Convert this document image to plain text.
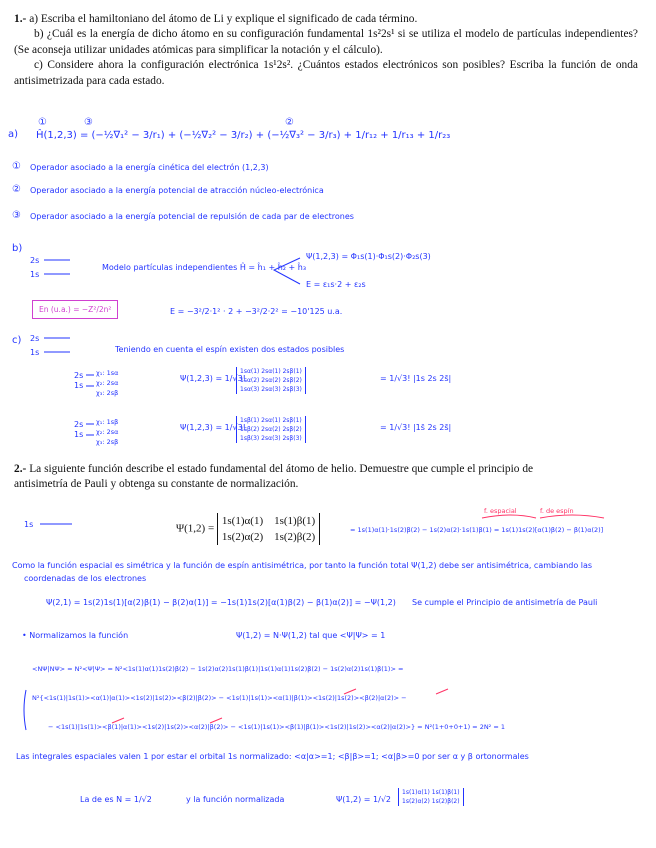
1.- a) Escriba el hamiltoniano del átomo de Li y explique el significado de cada término.

b) ¿Cuál es la energía de dicho átomo en su configuración fundamental 1s²2s¹ si se utiliza el modelo de partículas independientes? (Se aconseja utilizar unidades atómicas para simplificar la notación y el cálculo).

c) Considere ahora la configuración electrónica 1s¹2s². ¿Cuántos estados electrónicos son posibles? Escriba la función de onda antisimetrizada para cada estado.

a)
①	③	②
Ĥ(1,2,3) = (−½∇₁² − 3/r₁) + (−½∇₂² − 3/r₂) + (−½∇₃² − 3/r₃) + 1/r₁₂ + 1/r₁₃ + 1/r₂₃
① Operador asociado a la energía cinética del electrón (1,2,3)
② Operador asociado a la energía potencial de atracción núcleo-electrónica
③ Operador asociado a la energía potencial de repulsión de cada par de electrones
b)
2s
1s
Modelo partículas independientes Ĥ = ĥ₁ + ĥ₂ + ĥ₃
Ψ(1,2,3) = Φ₁s(1)·Φ₁s(2)·Φ₂s(3)
E = ε₁s·2 + ε₂s
En (u.a.) = −Z²/2n²	E = −3²/2·1² · 2 + −3²/2·2² = −10'125 u.a.
c) 2s
1s	Teniendo en cuenta el espín existen dos estados posibles
2s
1s
χ₁: 1sα
χ₂: 2sα
χ₃: 2sβ
Ψ(1,2,3) = 1/√3!
1sα(1) 2sα(1) 2sβ(1)
1sα(2) 2sα(2) 2sβ(2)
1sα(3) 2sα(3) 2sβ(3)
= 1/√3! |1s 2s 2s̄|
2s
1s
χ₁: 1sβ
χ₂: 2sα
χ₃: 2sβ
Ψ(1,2,3) = 1/√3!
1sβ(1) 2sα(1) 2sβ(1)
1sβ(2) 2sα(2) 2sβ(2)
1sβ(3) 2sα(3) 2sβ(3)
= 1/√3! |1s̄ 2s 2s̄|

2.- La siguiente función describe el estado fundamental del átomo de helio. Demuestre que cumple el principio de antisimetría de Pauli y obtenga su constante de normalización.

1s
f. espacial	f. de espín
Ψ(1,2) = 1s(1)α(1) 1s(1)β(1)
1s(2)α(2) 1s(2)β(2)
= 1s(1)α(1)·1s(2)β(2) − 1s(2)α(2)·1s(1)β(1) = 1s(1)1s(2)[α(1)β(2) − β(1)α(2)]
Como la función espacial es simétrica y la función de espín antisimétrica, por tanto la función total Ψ(1,2) debe ser antisimétrica, cambiando las
coordenadas de los electrones
Ψ(2,1) = 1s(2)1s(1)[α(2)β(1) − β(2)α(1)] = −1s(1)1s(2)[α(1)β(2) − β(1)α(2)] = −Ψ(1,2) Se cumple el Principio de antisimetría de Pauli
• Normalizamos la función	Ψ(1,2) = N·Ψ(1,2) tal que <Ψ|Ψ> = 1
<NΨ|NΨ> = N²<Ψ|Ψ> = N²<1s(1)α(1)1s(2)β(2) − 1s(2)α(2)1s(1)β(1)|1s(1)α(1)1s(2)β(2) − 1s(2)α(2)1s(1)β(1)> =
N²{<1s(1)|1s(1)><α(1)|α(1)><1s(2)|1s(2)><β(2)|β(2)> − <1s(1)|1s(1)><α(1)|β(1)><1s(2)|1s(2)><β(2)|α(2)> −
− <1s(1)|1s(1)><β(1)|α(1)><1s(2)|1s(2)><α(2)|β(2)> − <1s(1)|1s(1)><β(1)|β(1)><1s(2)|1s(2)><α(2)|α(2)>} = N²(1+0+0+1) = 2N² = 1
Las integrales espaciales valen 1 por estar el orbital 1s normalizado: <α|α>=1; <β|β>=1; <α|β>=0 por ser α y β ortonormales
La de es N = 1/√2	y la función normalizada	Ψ(1,2) = 1/√2
1s(1)α(1) 1s(1)β(1)
1s(2)α(2) 1s(2)β(2)
